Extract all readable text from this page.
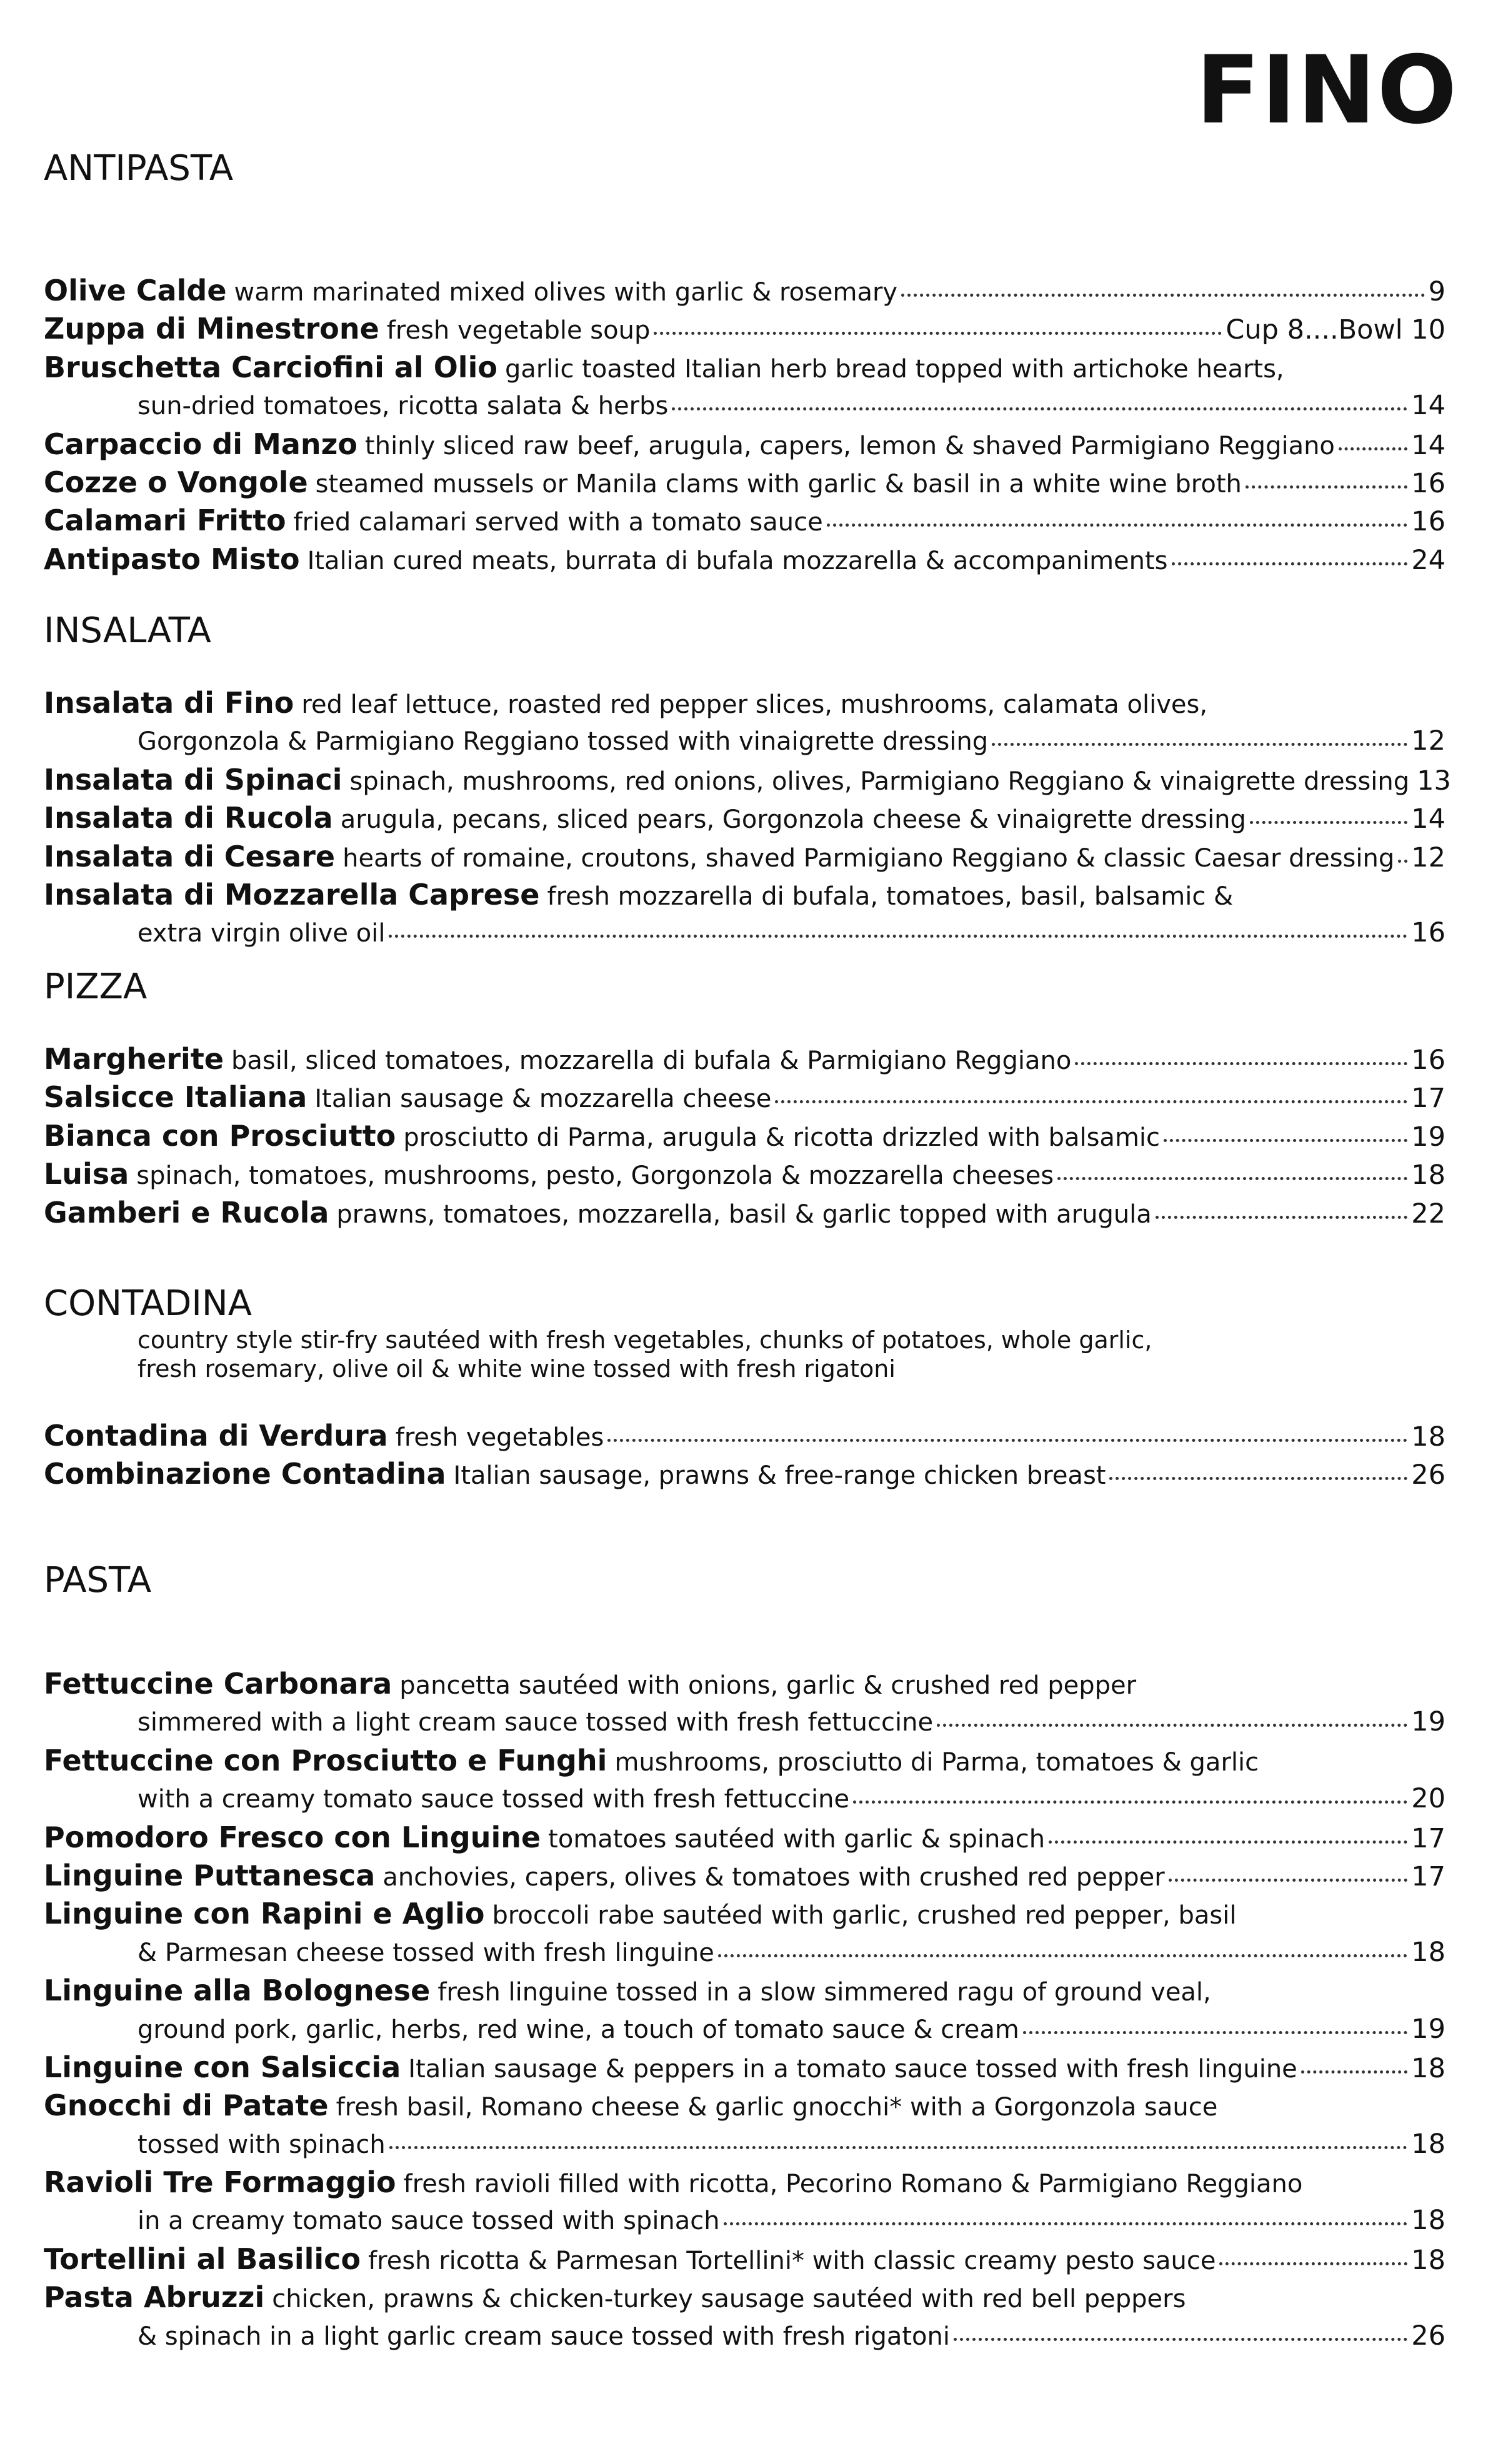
FINO
ANTIPASTA
Olive Calde warm marinated mixed olives with garlic & rosemary	9
Zuppa di Minestrone fresh vegetable soup	Cup 8....Bowl 10
Bruschetta Carciofini al Olio garlic toasted Italian herb bread topped with artichoke hearts,
sun-dried tomatoes, ricotta salata & herbs	14
Carpaccio di Manzo thinly sliced raw beef, arugula, capers, lemon & shaved Parmigiano Reggiano	14
Cozze o Vongole steamed mussels or Manila clams with garlic & basil in a white wine broth	16
Calamari Fritto fried calamari served with a tomato sauce	16
Antipasto Misto Italian cured meats, burrata di bufala mozzarella & accompaniments	24
INSALATA
Insalata di Fino red leaf lettuce, roasted red pepper slices, mushrooms, calamata olives,
Gorgonzola & Parmigiano Reggiano tossed with vinaigrette dressing	12
Insalata di Spinaci spinach, mushrooms, red onions, olives, Parmigiano Reggiano & vinaigrette dressing 13
Insalata di Rucola arugula, pecans, sliced pears, Gorgonzola cheese & vinaigrette dressing	14
Insalata di Cesare hearts of romaine, croutons, shaved Parmigiano Reggiano & classic Caesar dressing 12
Insalata di Mozzarella Caprese fresh mozzarella di bufala, tomatoes, basil, balsamic &
extra virgin olive oil	16
PIZZA
Margherite basil, sliced tomatoes, mozzarella di bufala & Parmigiano Reggiano	16
Salsicce Italiana Italian sausage & mozzarella cheese	17
Bianca con Prosciutto prosciutto di Parma, arugula & ricotta drizzled with balsamic	19
Luisa spinach, tomatoes, mushrooms, pesto, Gorgonzola & mozzarella cheeses	18
Gamberi e Rucola prawns, tomatoes, mozzarella, basil & garlic topped with arugula	22
CONTADINA
country style stir-fry sautéed with fresh vegetables, chunks of potatoes, whole garlic,
fresh rosemary, olive oil & white wine tossed with fresh rigatoni
Contadina di Verdura fresh vegetables	18
Combinazione Contadina Italian sausage, prawns & free-range chicken breast	26
PASTA
Fettuccine Carbonara pancetta sautéed with onions, garlic & crushed red pepper
simmered with a light cream sauce tossed with fresh fettuccine	19
Fettuccine con Prosciutto e Funghi mushrooms, prosciutto di Parma, tomatoes & garlic
with a creamy tomato sauce tossed with fresh fettuccine	20
Pomodoro Fresco con Linguine tomatoes sautéed with garlic & spinach	17
Linguine Puttanesca anchovies, capers, olives & tomatoes with crushed red pepper	17
Linguine con Rapini e Aglio broccoli rabe sautéed with garlic, crushed red pepper, basil
& Parmesan cheese tossed with fresh linguine	18
Linguine alla Bolognese fresh linguine tossed in a slow simmered ragu of ground veal,
ground pork, garlic, herbs, red wine, a touch of tomato sauce & cream	19
Linguine con Salsiccia Italian sausage & peppers in a tomato sauce tossed with fresh linguine	18
Gnocchi di Patate fresh basil, Romano cheese & garlic gnocchi* with a Gorgonzola sauce
tossed with spinach	18
Ravioli Tre Formaggio fresh ravioli filled with ricotta, Pecorino Romano & Parmigiano Reggiano
in a creamy tomato sauce tossed with spinach	18
Tortellini al Basilico fresh ricotta & Parmesan Tortellini* with classic creamy pesto sauce	18
Pasta Abruzzi chicken, prawns & chicken-turkey sausage sautéed with red bell peppers
& spinach in a light garlic cream sauce tossed with fresh rigatoni	26
